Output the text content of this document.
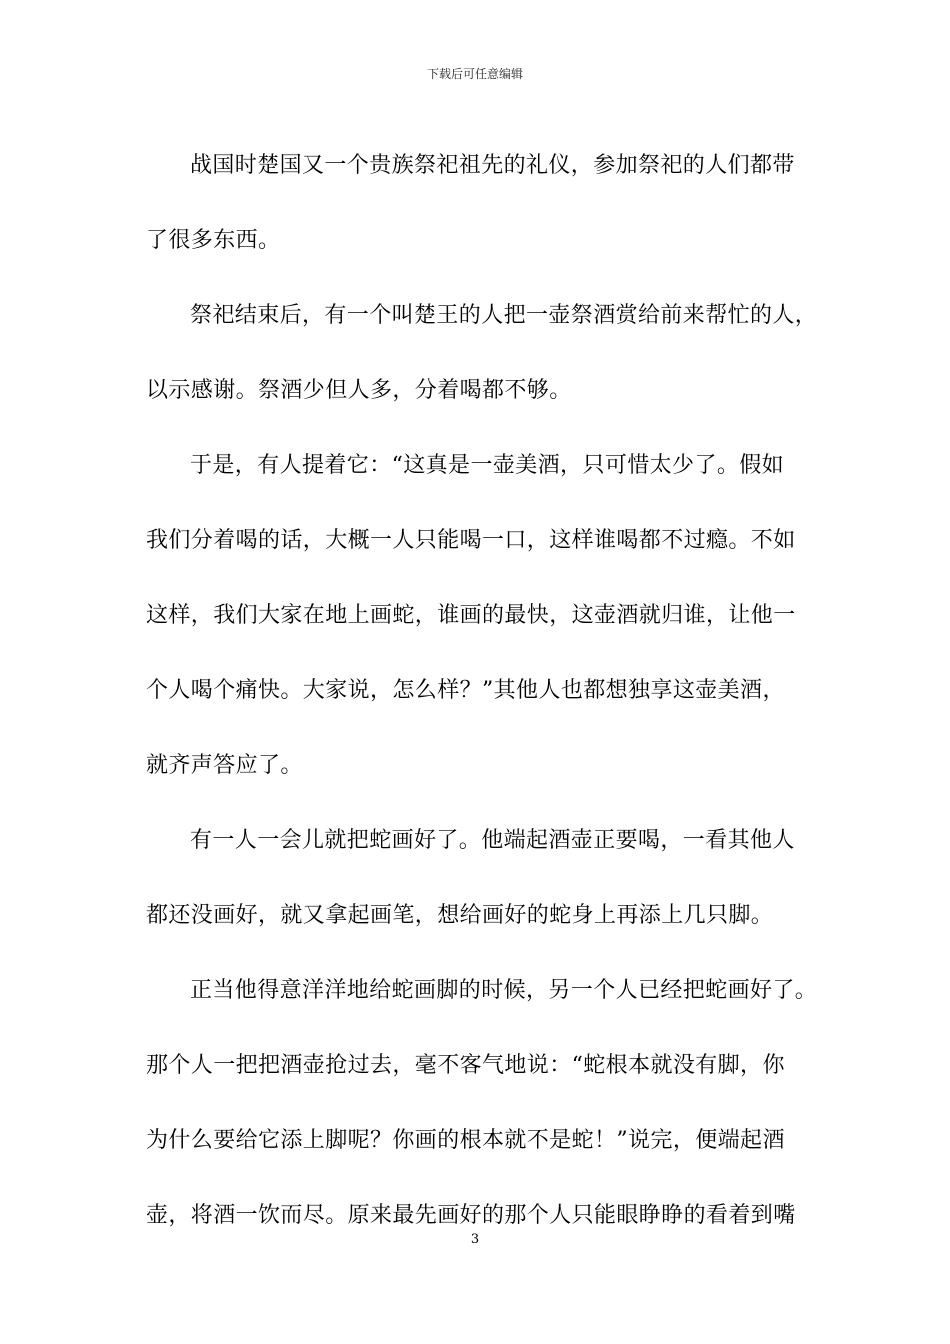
下载后可任意编辑
战国时楚国又一个贵族祭祀祖先的礼仪，参加祭祀的人们都带
了很多东西。
祭祀结束后，有一个叫楚王的人把一壶祭酒赏给前来帮忙的人，
以示感谢。祭酒少但人多，分着喝都不够。
于是，有人提着它：“这真是一壶美酒，只可惜太少了。假如
我们分着喝的话，大概一人只能喝一口，这样谁喝都不过瘾。不如
这样，我们大家在地上画蛇，谁画的最快，这壶酒就归谁，让他一
个人喝个痛快。大家说，怎么样？”其他人也都想独享这壶美酒，
就齐声答应了。
有一人一会儿就把蛇画好了。他端起酒壶正要喝，一看其他人
都还没画好，就又拿起画笔，想给画好的蛇身上再添上几只脚。
正当他得意洋洋地给蛇画脚的时候，另一个人已经把蛇画好了。
那个人一把把酒壶抢过去，毫不客气地说：“蛇根本就没有脚，你
为什么要给它添上脚呢？你画的根本就不是蛇！”说完，便端起酒
壶，将酒一饮而尽。原来最先画好的那个人只能眼睁睁的看着到嘴
3
